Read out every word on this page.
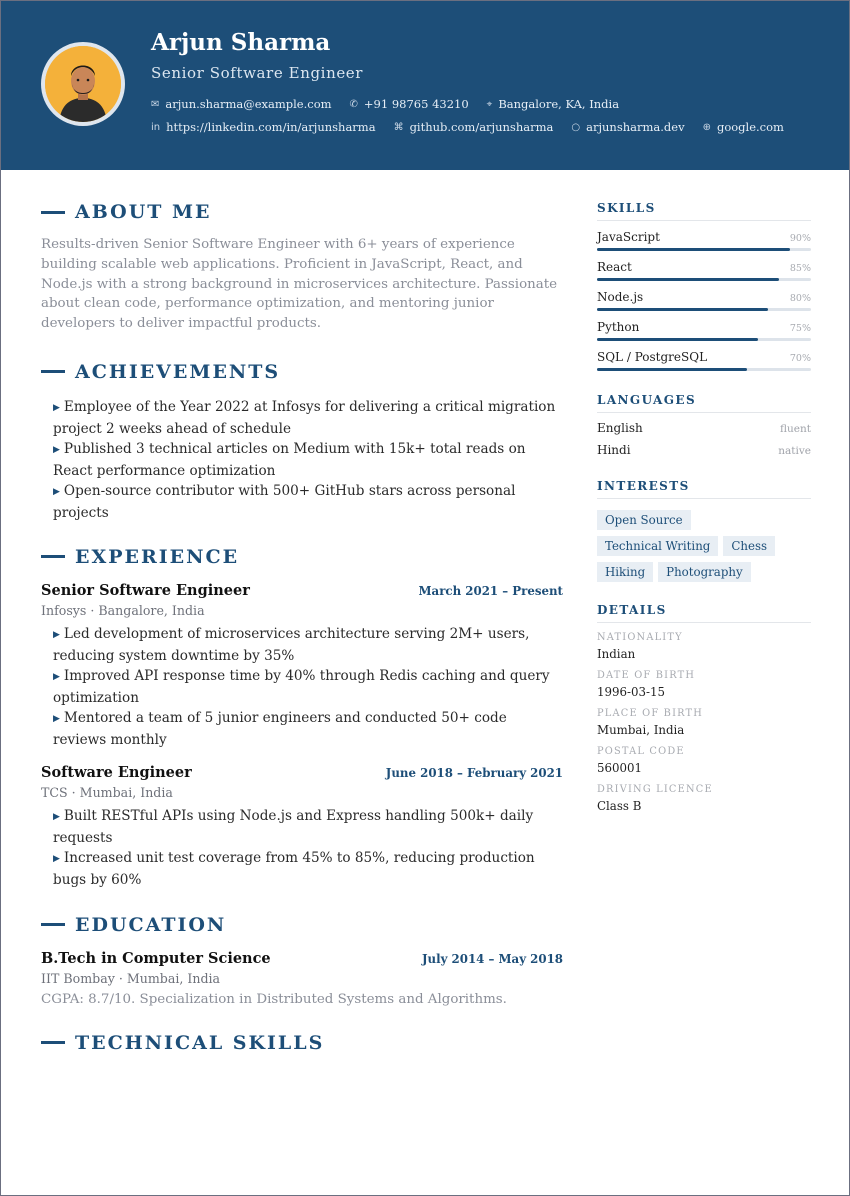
Arjun Sharma
Senior Software Engineer
✉ arjun.sharma@example.com ✆ +91 98765 43210 ⌖ Bangalore, KA, India
in https://linkedin.com/in/arjunsharma ⌘ github.com/arjunsharma ○ arjunsharma.dev ⊕ google.com
ABOUT ME
Results-driven Senior Software Engineer with 6+ years of experience building scalable web applications. Proficient in JavaScript, React, and Node.js with a strong background in microservices architecture. Passionate about clean code, performance optimization, and mentoring junior developers to deliver impactful products.
ACHIEVEMENTS
▶ Employee of the Year 2022 at Infosys for delivering a critical migration project 2 weeks ahead of schedule
▶ Published 3 technical articles on Medium with 15k+ total reads on React performance optimization
▶ Open-source contributor with 500+ GitHub stars across personal projects
EXPERIENCE
Senior Software Engineer	March 2021 – Present
Infosys · Bangalore, India
▶ Led development of microservices architecture serving 2M+ users, reducing system downtime by 35%
▶ Improved API response time by 40% through Redis caching and query optimization
▶ Mentored a team of 5 junior engineers and conducted 50+ code reviews monthly
Software Engineer	June 2018 – February 2021
TCS · Mumbai, India
▶ Built RESTful APIs using Node.js and Express handling 500k+ daily requests
▶ Increased unit test coverage from 45% to 85%, reducing production bugs by 60%
EDUCATION
B.Tech in Computer Science	July 2014 – May 2018
IIT Bombay · Mumbai, India
CGPA: 8.7/10. Specialization in Distributed Systems and Algorithms.
TECHNICAL SKILLS
SKILLS
JavaScript	90%
React	85%
Node.js	80%
Python	75%
SQL / PostgreSQL	70%
LANGUAGES
English	fluent
Hindi	native
INTERESTS
Open Source
Technical Writing	Chess
Hiking	Photography
DETAILS
NATIONALITY
Indian
DATE OF BIRTH
1996-03-15
PLACE OF BIRTH
Mumbai, India
POSTAL CODE
560001
DRIVING LICENCE
Class B
